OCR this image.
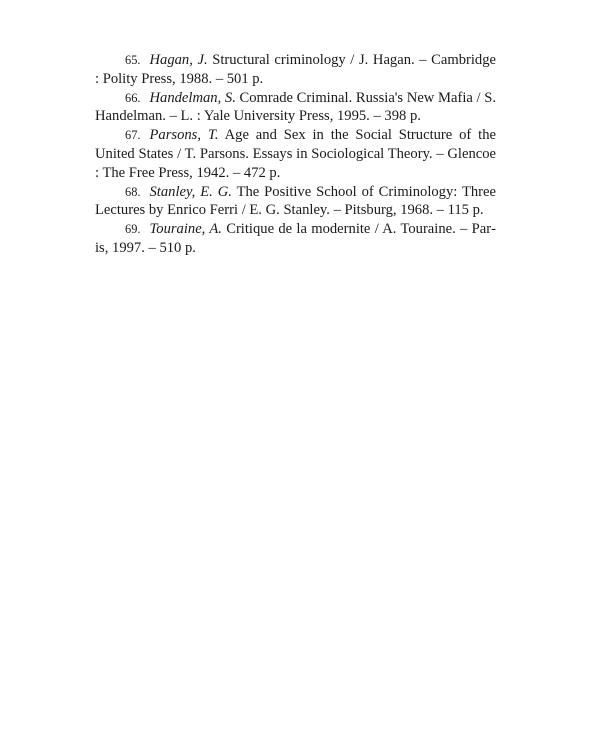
65. Hagan, J. Structural criminology / J. Hagan. – Cambridge : Polity Press, 1988. – 501 p.
66. Handelman, S. Comrade Criminal. Russia's New Mafia / S. Handelman. – L. : Yale University Press, 1995. – 398 p.
67. Parsons, T. Age and Sex in the Social Structure of the United States / T. Parsons. Essays in Sociological Theory. – Glencoe : The Free Press, 1942. – 472 p.
68. Stanley, E. G. The Positive School of Criminology: Three Lectures by Enrico Ferri / E. G. Stanley. – Pitsburg, 1968. – 115 p.
69. Touraine, A. Critique de la modernite / A. Touraine. – Paris, 1997. – 510 p.
